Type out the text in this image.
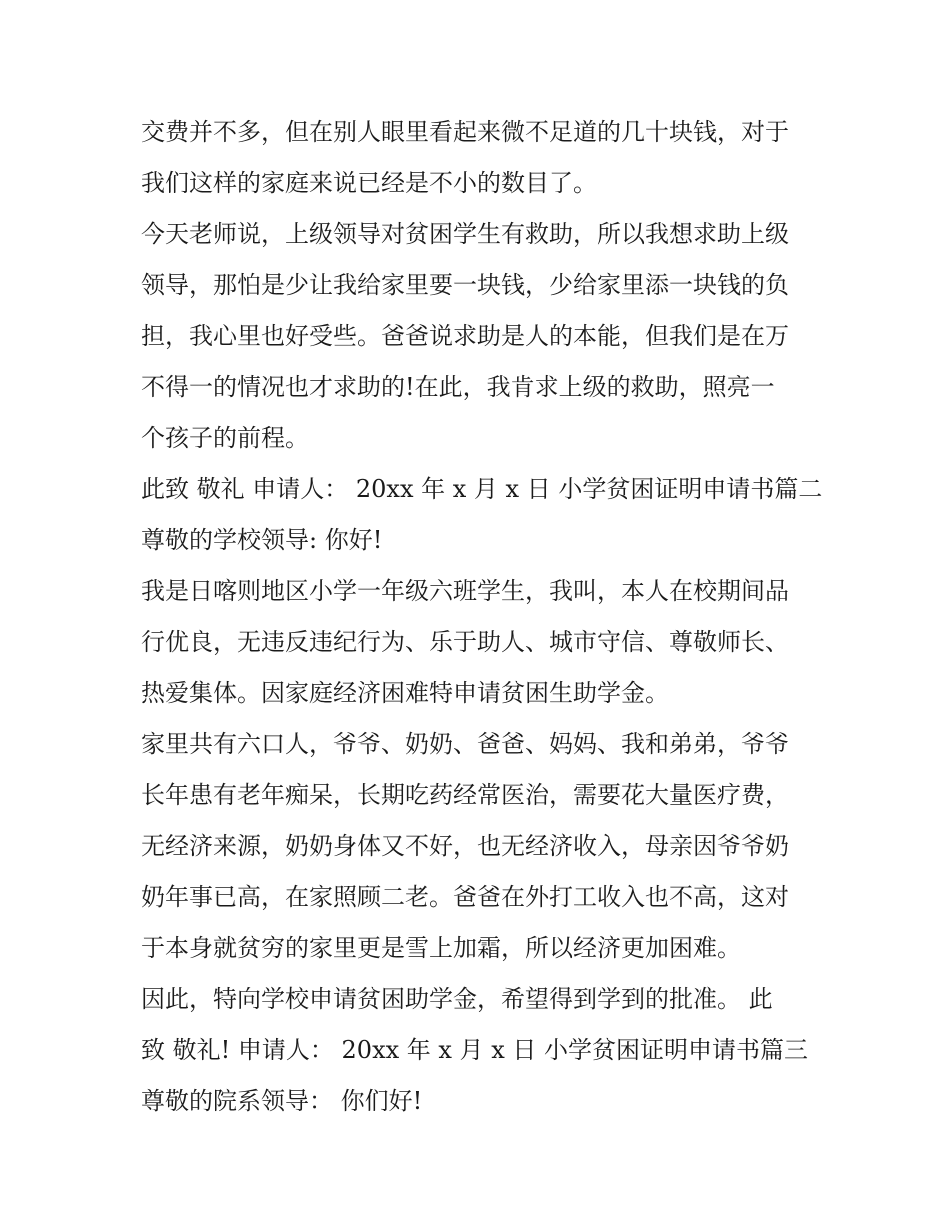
交费并不多，但在别人眼里看起来微不足道的几十块钱，对于
我们这样的家庭来说已经是不小的数目了。
今天老师说，上级领导对贫困学生有救助，所以我想求助上级
领导，那怕是少让我给家里要一块钱，少给家里添一块钱的负
担，我心里也好受些。爸爸说求助是人的本能，但我们是在万
不得一的情况也才求助的!在此，我肯求上级的救助，照亮一
个孩子的前程。
此致 敬礼 申请人： 20xx 年 x 月 x 日 小学贫困证明申请书篇二
尊敬的学校领导: 你好!
我是日喀则地区小学一年级六班学生，我叫，本人在校期间品
行优良，无违反违纪行为、乐于助人、城市守信、尊敬师长、
热爱集体。因家庭经济困难特申请贫困生助学金。
家里共有六口人，爷爷、奶奶、爸爸、妈妈、我和弟弟，爷爷
长年患有老年痴呆，长期吃药经常医治，需要花大量医疗费，
无经济来源，奶奶身体又不好，也无经济收入，母亲因爷爷奶
奶年事已高，在家照顾二老。爸爸在外打工收入也不高，这对
于本身就贫穷的家里更是雪上加霜，所以经济更加困难。
因此，特向学校申请贫困助学金，希望得到学到的批准。 此
致 敬礼! 申请人： 20xx 年 x 月 x 日 小学贫困证明申请书篇三
尊敬的院系领导： 你们好!
